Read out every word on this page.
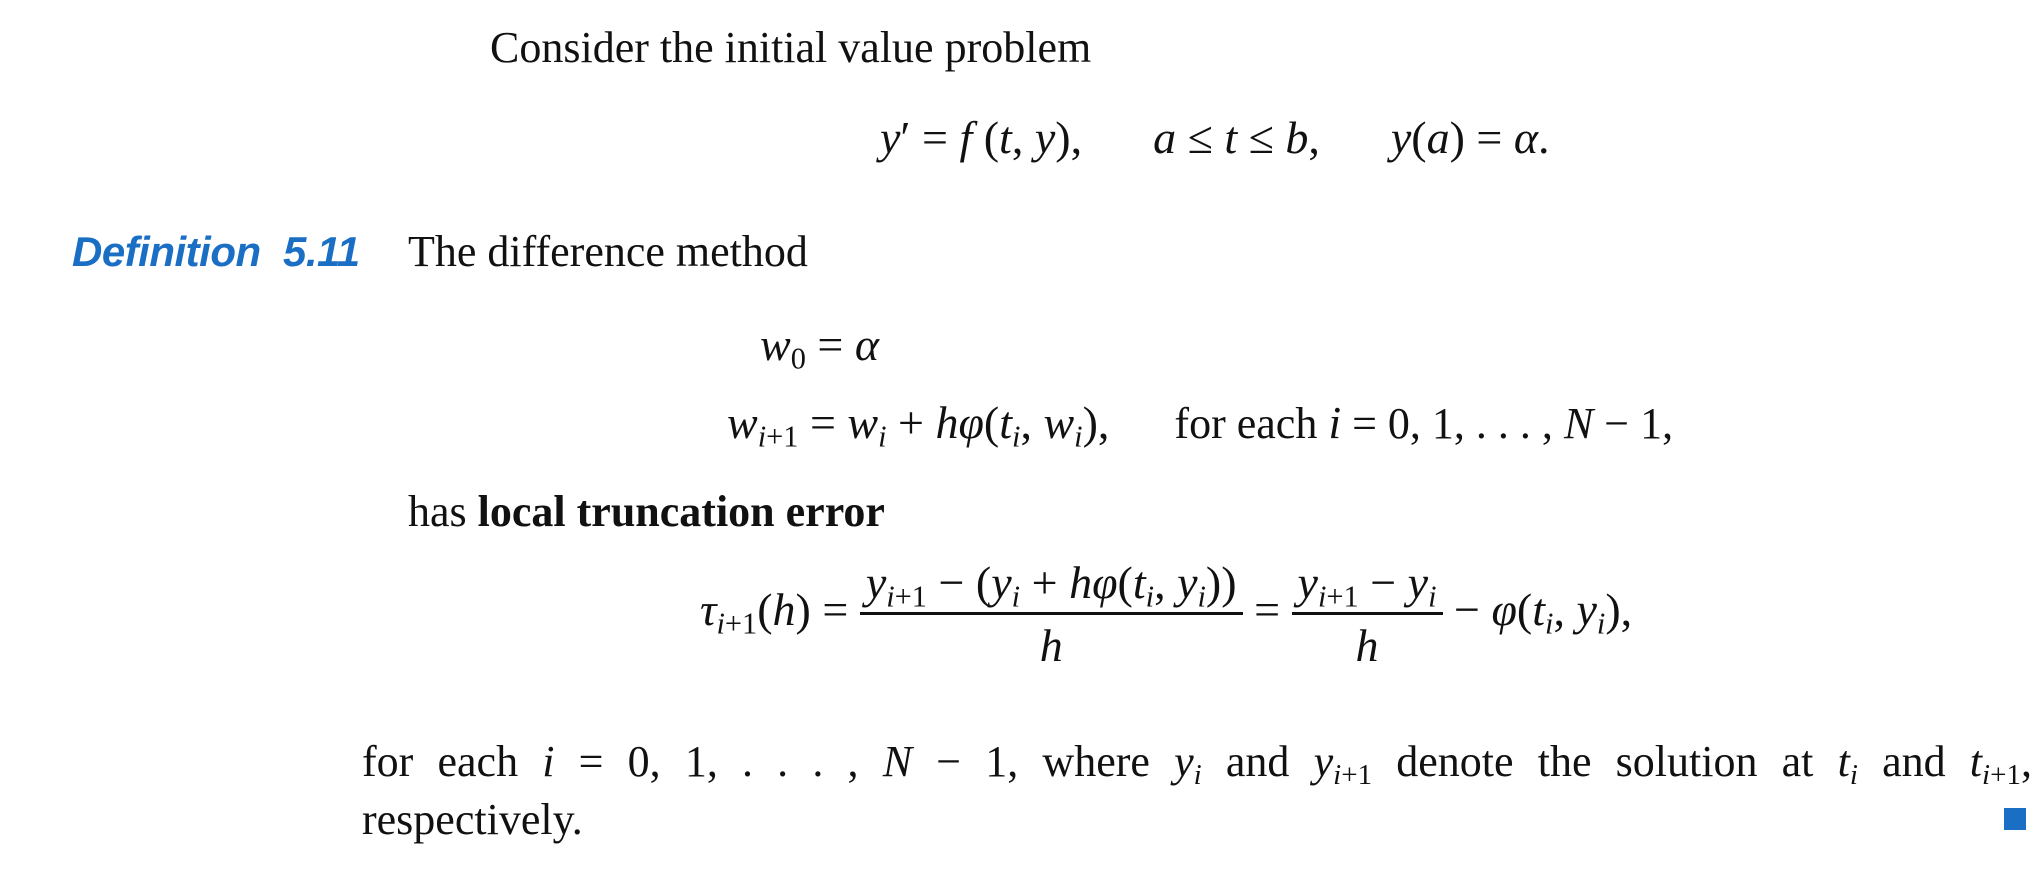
Consider the initial value problem
y′ = f (t, y), a ≤ t ≤ b, y(a) = α.
Definition 5.11 The difference method
$w_0 = \alpha$
$w_{i+1} = w_i + h\varphi(t_i$, $w_i$),  for each i = 0, 1, . . . , N − 1,
has local truncation error
$\tau_{i+1}(h) = \frac{y_{i+1} - (y_i + h\varphi(t_i, y_i))}{h} = \frac{y_{i+1} - y_i}{h} - \varphi(t_i$, $y_i$),
for each i = 0, 1, . . . , N − 1, where $y_i$ and $y_{i+1}$ denote the solution at $t_i$ and $t_{i+1}$,
respectively.
